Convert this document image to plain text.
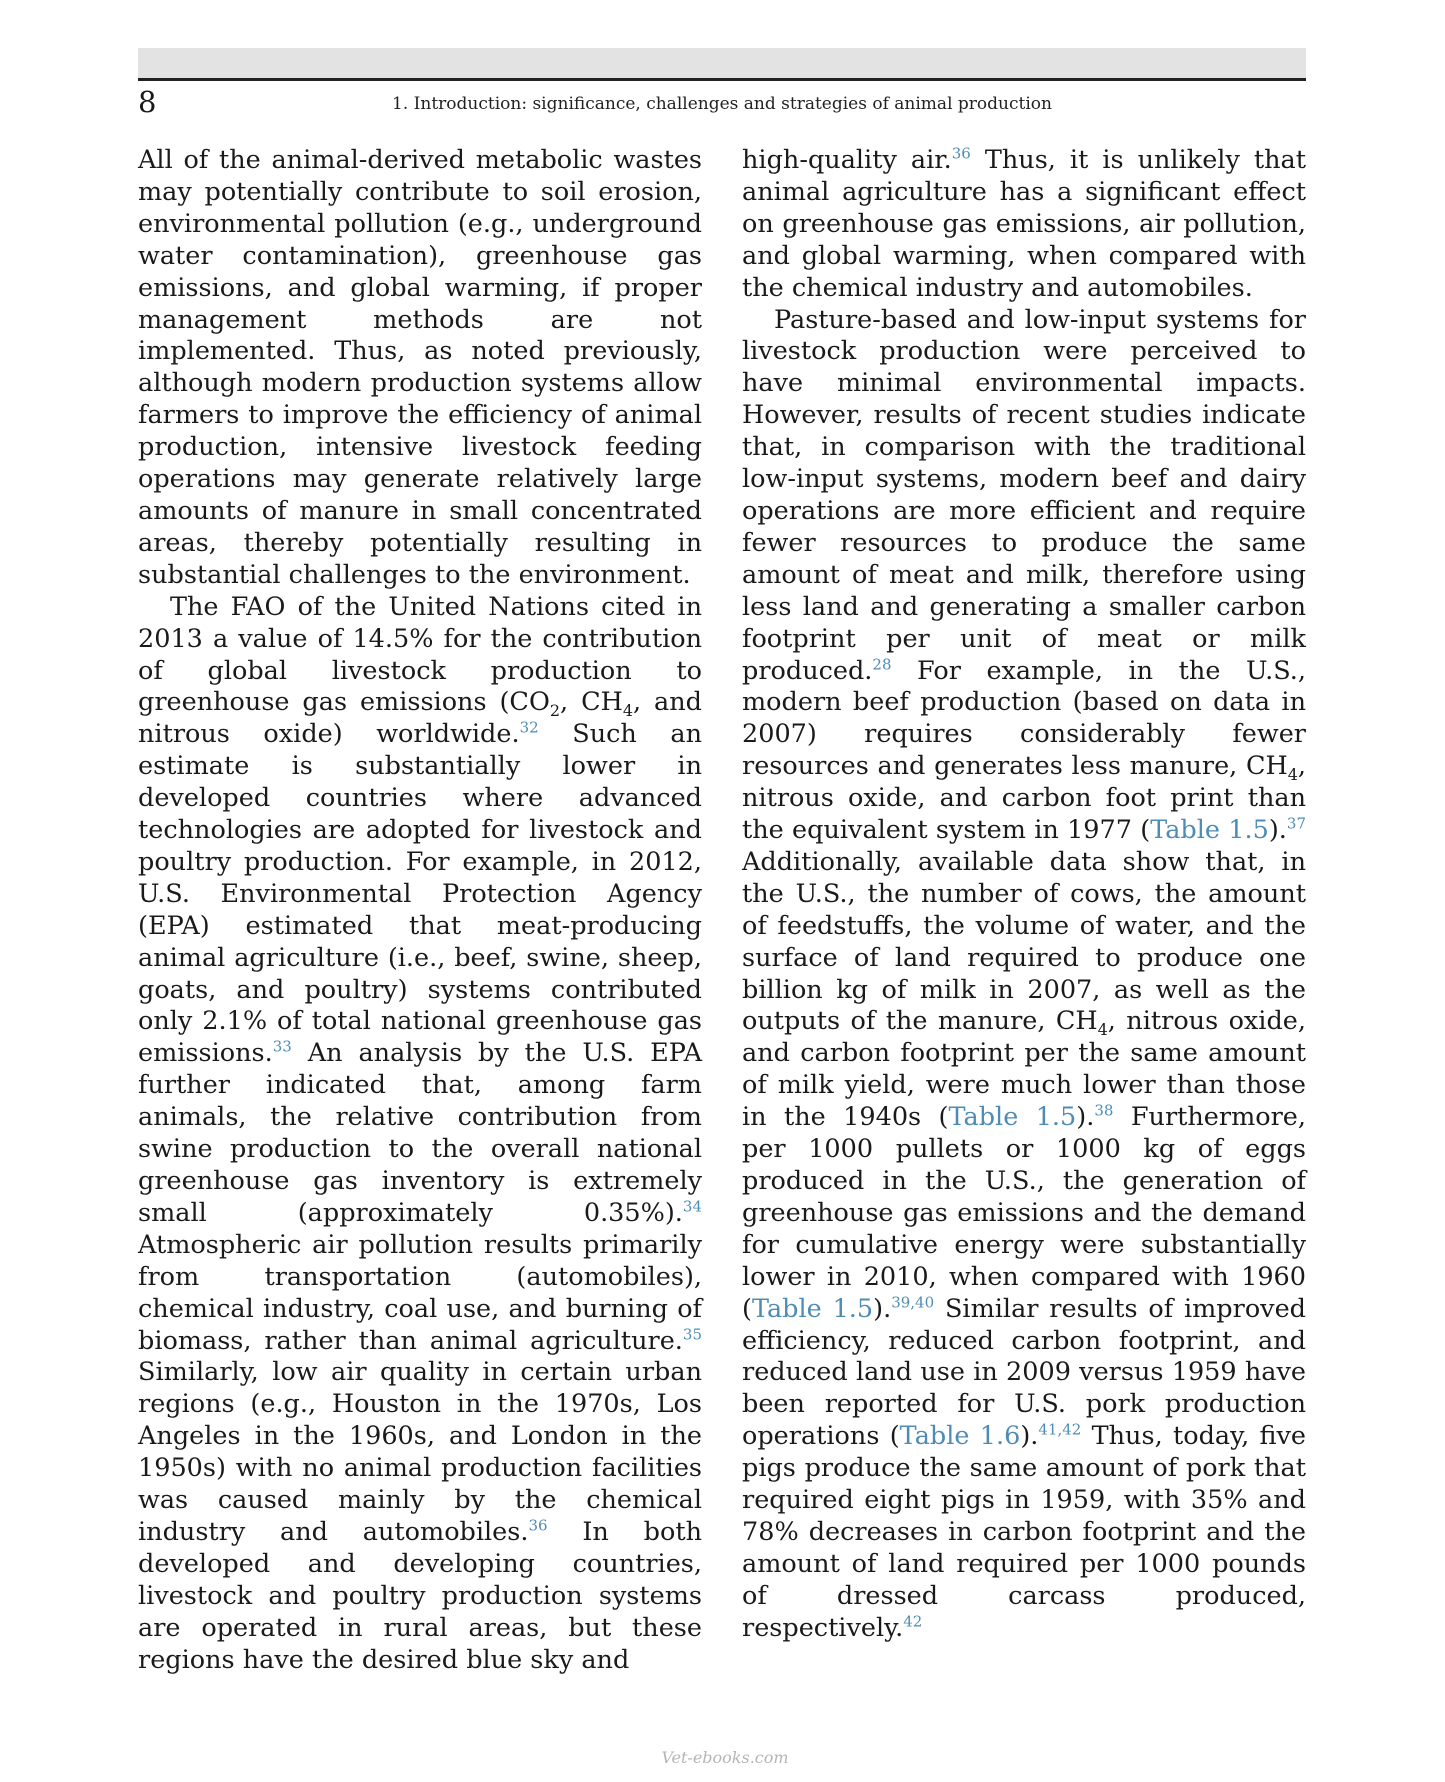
8	1. Introduction: significance, challenges and strategies of animal production

All of the animal-derived metabolic wastes may potentially contribute to soil erosion, environmental pollution (e.g., underground water contamination), greenhouse gas emissions, and global warming, if proper management methods are not implemented. Thus, as noted previously, although modern production systems allow farmers to improve the efficiency of animal production, intensive livestock feeding operations may generate relatively large amounts of manure in small concentrated areas, thereby potentially resulting in substantial challenges to the environment.

The FAO of the United Nations cited in 2013 a value of 14.5% for the contribution of global livestock production to greenhouse gas emissions ($CO_2$, $CH_4$, and nitrous oxide) worldwide.$^{32}$ Such an estimate is substantially lower in developed countries where advanced technologies are adopted for livestock and poultry production. For example, in 2012, U.S. Environmental Protection Agency (EPA) estimated that meat-producing animal agriculture (i.e., beef, swine, sheep, goats, and poultry) systems contributed only 2.1% of total national greenhouse gas emissions.$^{33}$ An analysis by the U.S. EPA further indicated that, among farm animals, the relative contribution from swine production to the overall national greenhouse gas inventory is extremely small (approximately 0.35%).$^{34}$ Atmospheric air pollution results primarily from transportation (automobiles), chemical industry, coal use, and burning of biomass, rather than animal agriculture.$^{35}$ Similarly, low air quality in certain urban regions (e.g., Houston in the 1970s, Los Angeles in the 1960s, and London in the 1950s) with no animal production facilities was caused mainly by the chemical industry and automobiles.$^{36}$ In both developed and developing countries, livestock and poultry production systems are operated in rural areas, but these regions have the desired blue sky and

high-quality air.$^{36}$ Thus, it is unlikely that animal agriculture has a significant effect on greenhouse gas emissions, air pollution, and global warming, when compared with the chemical industry and automobiles.

Pasture-based and low-input systems for livestock production were perceived to have minimal environmental impacts. However, results of recent studies indicate that, in comparison with the traditional low-input systems, modern beef and dairy operations are more efficient and require fewer resources to produce the same amount of meat and milk, therefore using less land and generating a smaller carbon footprint per unit of meat or milk produced.$^{28}$ For example, in the U.S., modern beef production (based on data in 2007) requires considerably fewer resources and generates less manure, $CH_4$, nitrous oxide, and carbon foot print than the equivalent system in 1977 (Table 1.5).$^{37}$ Additionally, available data show that, in the U.S., the number of cows, the amount of feedstuffs, the volume of water, and the surface of land required to produce one billion kg of milk in 2007, as well as the outputs of the manure, $CH_4$, nitrous oxide, and carbon footprint per the same amount of milk yield, were much lower than those in the 1940s (Table 1.5).$^{38}$ Furthermore, per 1000 pullets or 1000 kg of eggs produced in the U.S., the generation of greenhouse gas emissions and the demand for cumulative energy were substantially lower in 2010, when compared with 1960 (Table 1.5).$^{39,40}$ Similar results of improved efficiency, reduced carbon footprint, and reduced land use in 2009 versus 1959 have been reported for U.S. pork production operations (Table 1.6).$^{41,42}$ Thus, today, five pigs produce the same amount of pork that required eight pigs in 1959, with 35% and 78% decreases in carbon footprint and the amount of land required per 1000 pounds of dressed carcass produced, respectively.$^{42}$

Vet-ebooks.com
